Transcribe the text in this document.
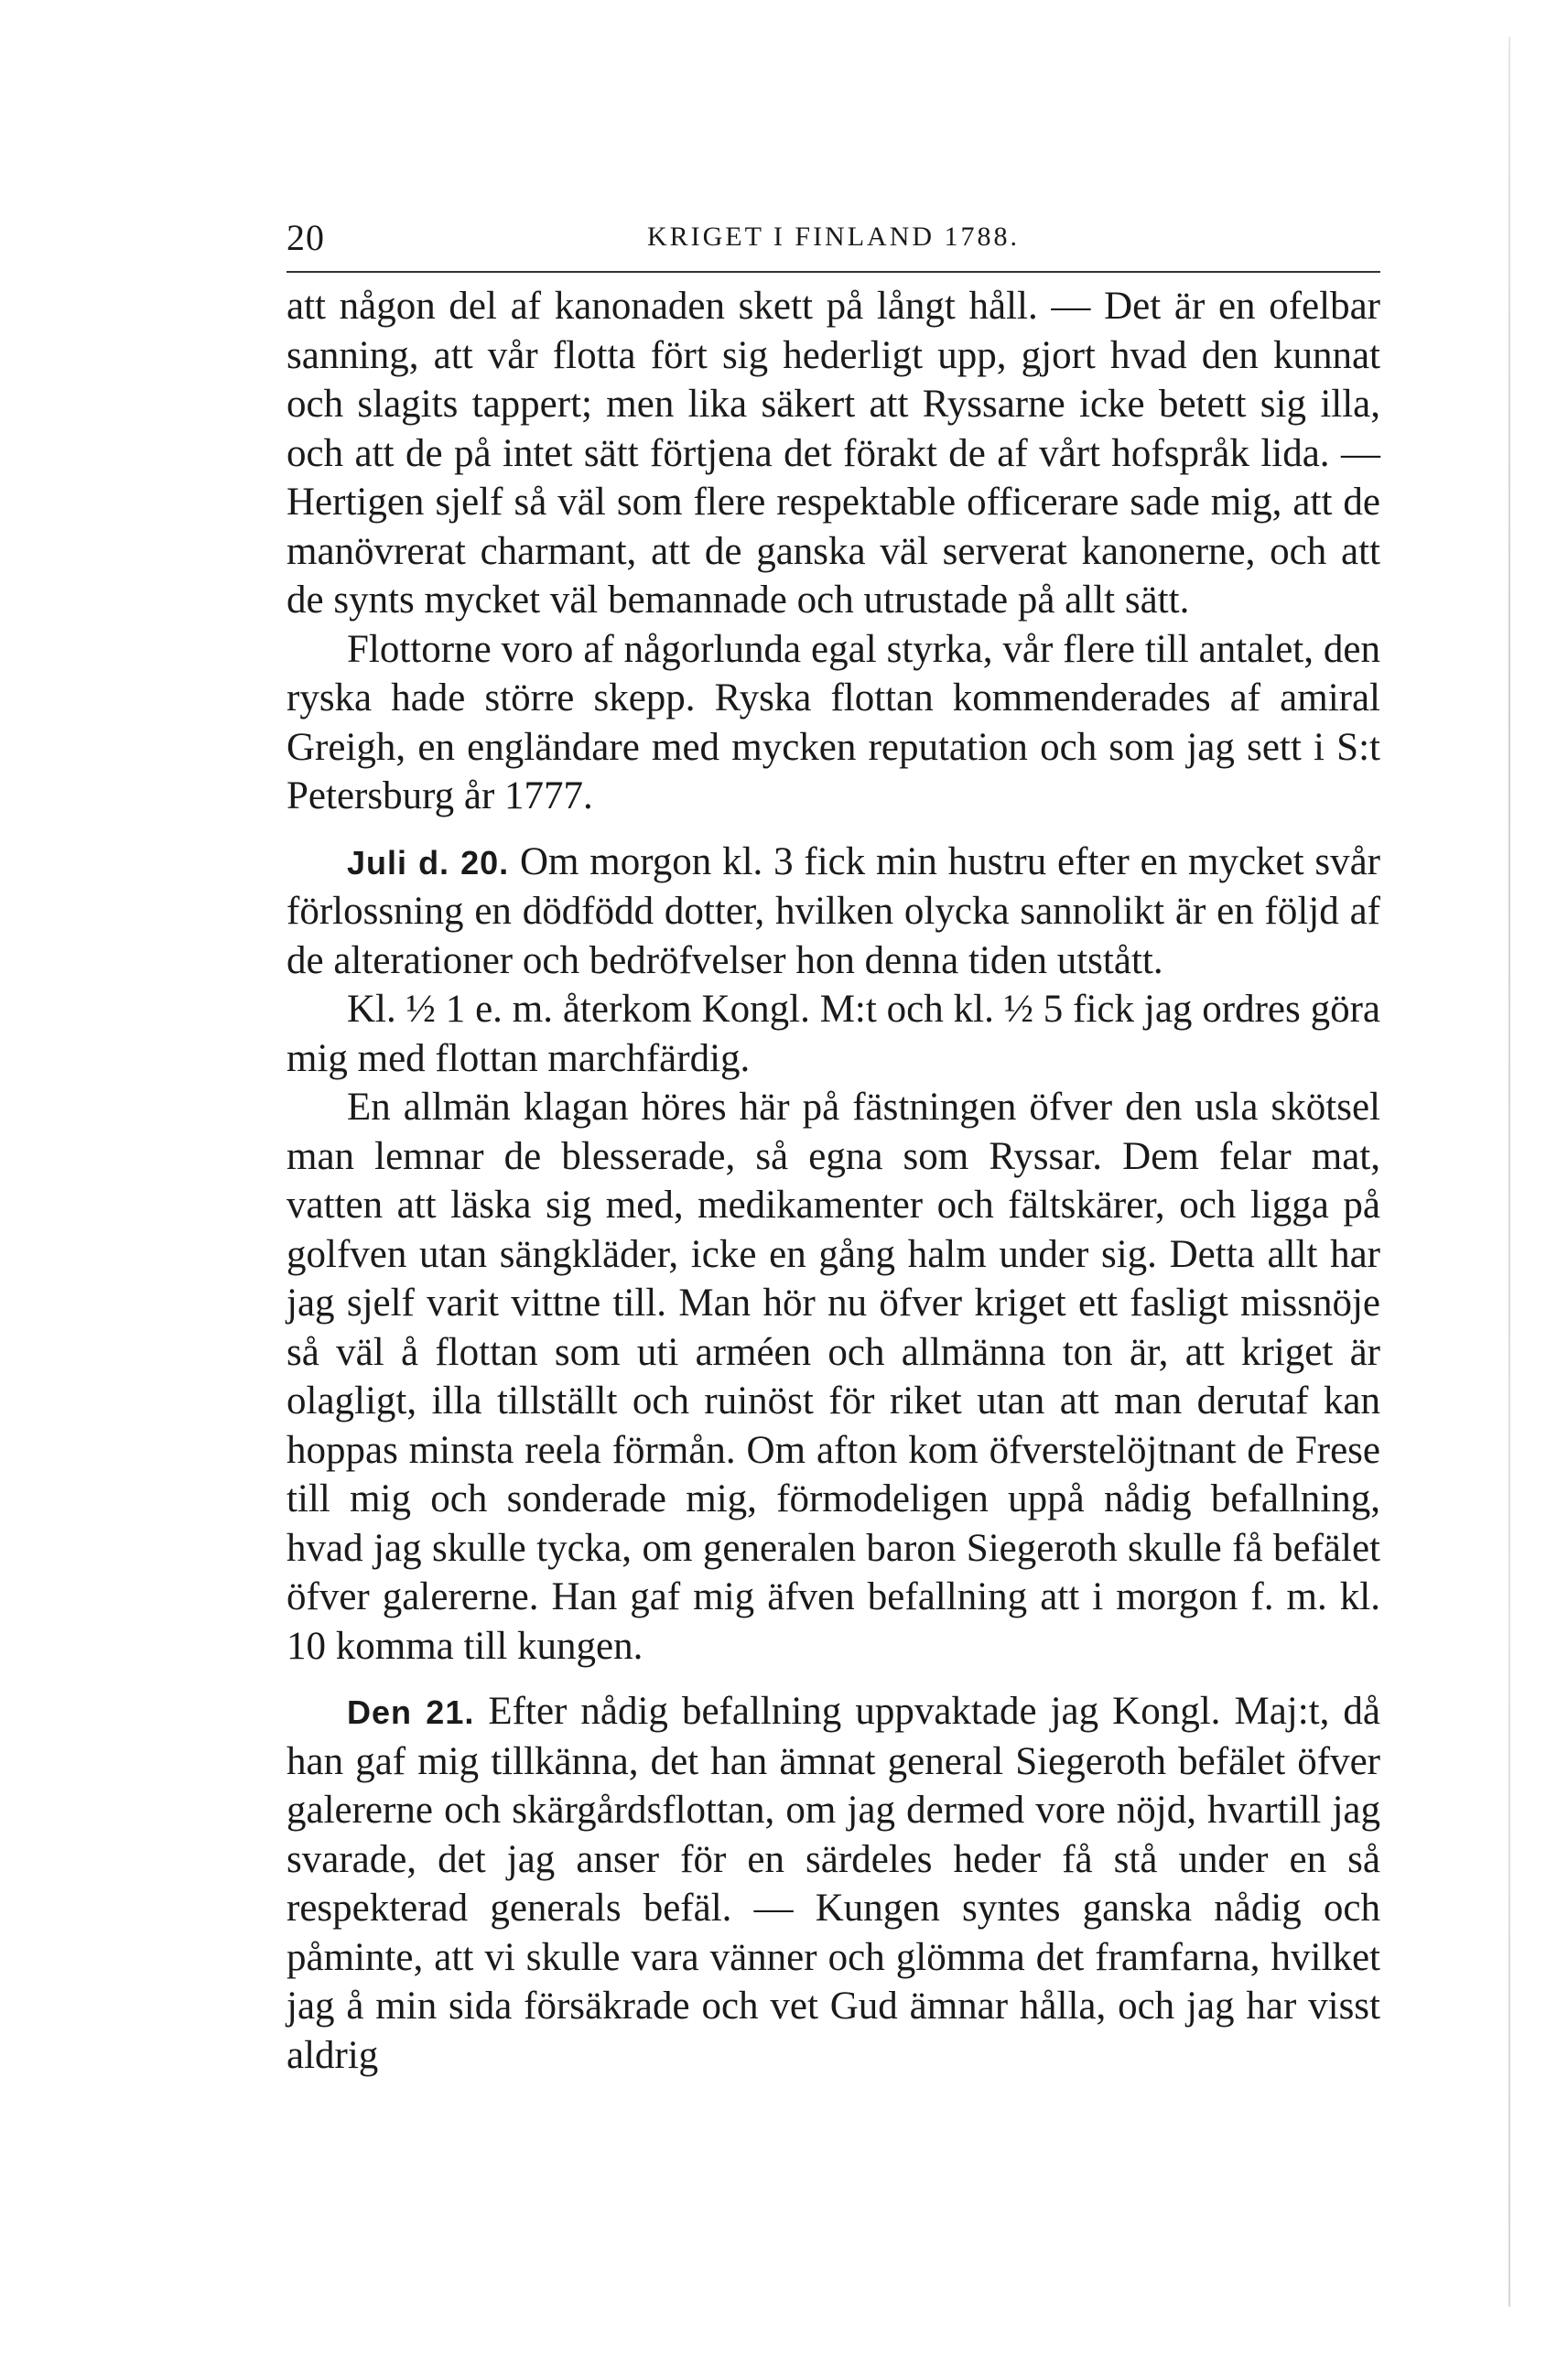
20	KRIGET I FINLAND 1788.

att någon del af kanonaden skett på långt håll. — Det är en ofelbar sanning, att vår flotta fört sig hederligt upp, gjort hvad den kunnat och slagits tappert; men lika säkert att Ryssarne icke betett sig illa, och att de på intet sätt förtjena det förakt de af vårt hofspråk lida. — Hertigen sjelf så väl som flere respektable officerare sade mig, att de manövrerat charmant, att de ganska väl serverat kanonerne, och att de synts mycket väl bemannade och utrustade på allt sätt.

Flottorne voro af någorlunda egal styrka, vår flere till antalet, den ryska hade större skepp. Ryska flottan kommenderades af amiral Greigh, en engländare med mycken reputation och som jag sett i S:t Petersburg år 1777.

Juli d. 20. Om morgon kl. 3 fick min hustru efter en mycket svår förlossning en dödfödd dotter, hvilken olycka sannolikt är en följd af de alterationer och bedröfvelser hon denna tiden utstått.

Kl. ½ 1 e. m. återkom Kongl. M:t och kl. ½ 5 fick jag ordres göra mig med flottan marchfärdig.

En allmän klagan höres här på fästningen öfver den usla skötsel man lemnar de blesserade, så egna som Ryssar. Dem felar mat, vatten att läska sig med, medikamenter och fältskärer, och ligga på golfven utan sängkläder, icke en gång halm under sig. Detta allt har jag sjelf varit vittne till. Man hör nu öfver kriget ett fasligt missnöje så väl å flottan som uti arméen och allmänna ton är, att kriget är olagligt, illa tillställt och ruinöst för riket utan att man derutaf kan hoppas minsta reela förmån. Om afton kom öfverstelöjtnant de Frese till mig och sonderade mig, förmodeligen uppå nådig befallning, hvad jag skulle tycka, om generalen baron Siegeroth skulle få befälet öfver galererne. Han gaf mig äfven befallning att i morgon f. m. kl. 10 komma till kungen.

Den 21. Efter nådig befallning uppvaktade jag Kongl. Maj:t, då han gaf mig tillkänna, det han ämnat general Siegeroth befälet öfver galererne och skärgårdsflottan, om jag dermed vore nöjd, hvartill jag svarade, det jag anser för en särdeles heder få stå under en så respekterad generals befäl. — Kungen syntes ganska nådig och påminte, att vi skulle vara vänner och glömma det framfarna, hvilket jag å min sida försäkrade och vet Gud ämnar hålla, och jag har visst aldrig
